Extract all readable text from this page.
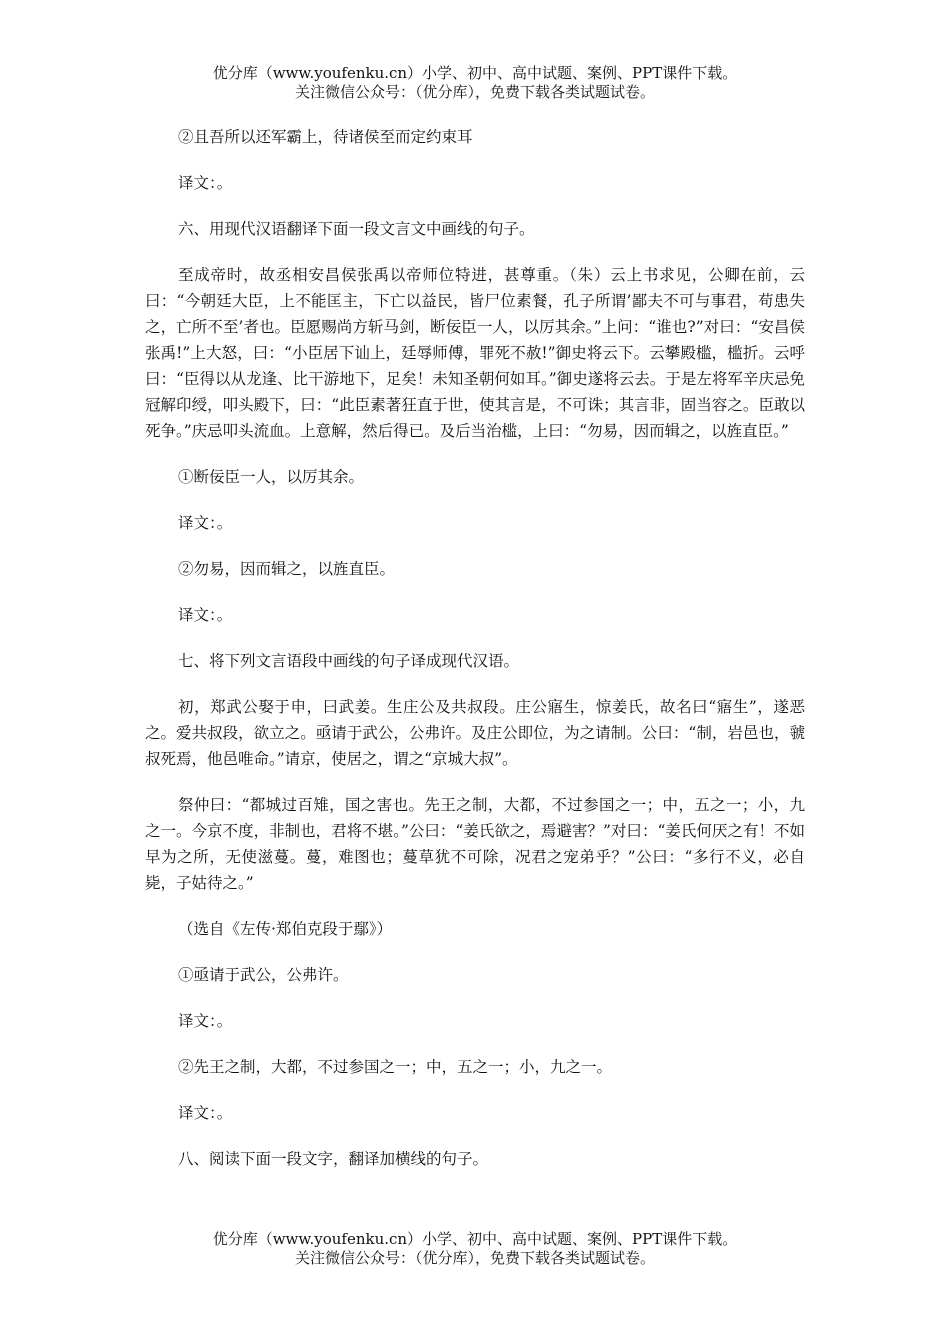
优分库（www.youfenku.cn）小学、初中、高中试题、案例、PPT课件下载。
关注微信公众号：（优分库），免费下载各类试题试卷。

②且吾所以还军霸上，待诸侯至而定约束耳

译文：。

六、用现代汉语翻译下面一段文言文中画线的句子。

至成帝时，故丞相安昌侯张禹以帝师位特进，甚尊重。（朱）云上书求见，公卿在前，云曰：“今朝廷大臣，上不能匡主，下亡以益民，皆尸位素餐，孔子所谓’鄙夫不可与事君，苟患失之，亡所不至’者也。臣愿赐尚方斩马剑，断佞臣一人，以厉其余。”上问：“谁也?”对曰：“安昌侯张禹!”上大怒，曰：“小臣居下讪上，廷辱师傅，罪死不赦!”御史将云下。云攀殿槛，槛折。云呼曰：“臣得以从龙逢、比干游地下，足矣！未知圣朝何如耳。”御史遂将云去。于是左将军辛庆忌免冠解印绶，叩头殿下，曰：“此臣素著狂直于世，使其言是，不可诛；其言非，固当容之。臣敢以死争。”庆忌叩头流血。上意解，然后得已。及后当治槛，上曰：“勿易，因而辑之，以旌直臣。”

①断佞臣一人，以厉其余。

译文：。

②勿易，因而辑之，以旌直臣。

译文：。

七、将下列文言语段中画线的句子译成现代汉语。

初，郑武公娶于申，曰武姜。生庄公及共叔段。庄公寤生，惊姜氏，故名曰“寤生”，遂恶之。爱共叔段，欲立之。亟请于武公，公弗许。及庄公即位，为之请制。公曰：“制，岩邑也，虢叔死焉，他邑唯命。”请京，使居之，谓之“京城大叔”。

祭仲曰：“都城过百雉，国之害也。先王之制，大都，不过参国之一；中，五之一；小，九之一。今京不度，非制也，君将不堪。”公曰：“姜氏欲之，焉避害？”对曰：“姜氏何厌之有！不如早为之所，无使滋蔓。蔓，难图也；蔓草犹不可除，况君之宠弟乎？”公曰：“多行不义，必自毙，子姑待之。”

（选自《左传·郑伯克段于鄢》）

①亟请于武公，公弗许。

译文：。

②先王之制，大都，不过参国之一；中，五之一；小，九之一。

译文：。

八、阅读下面一段文字，翻译加横线的句子。

优分库（www.youfenku.cn）小学、初中、高中试题、案例、PPT课件下载。
关注微信公众号：（优分库），免费下载各类试题试卷。
